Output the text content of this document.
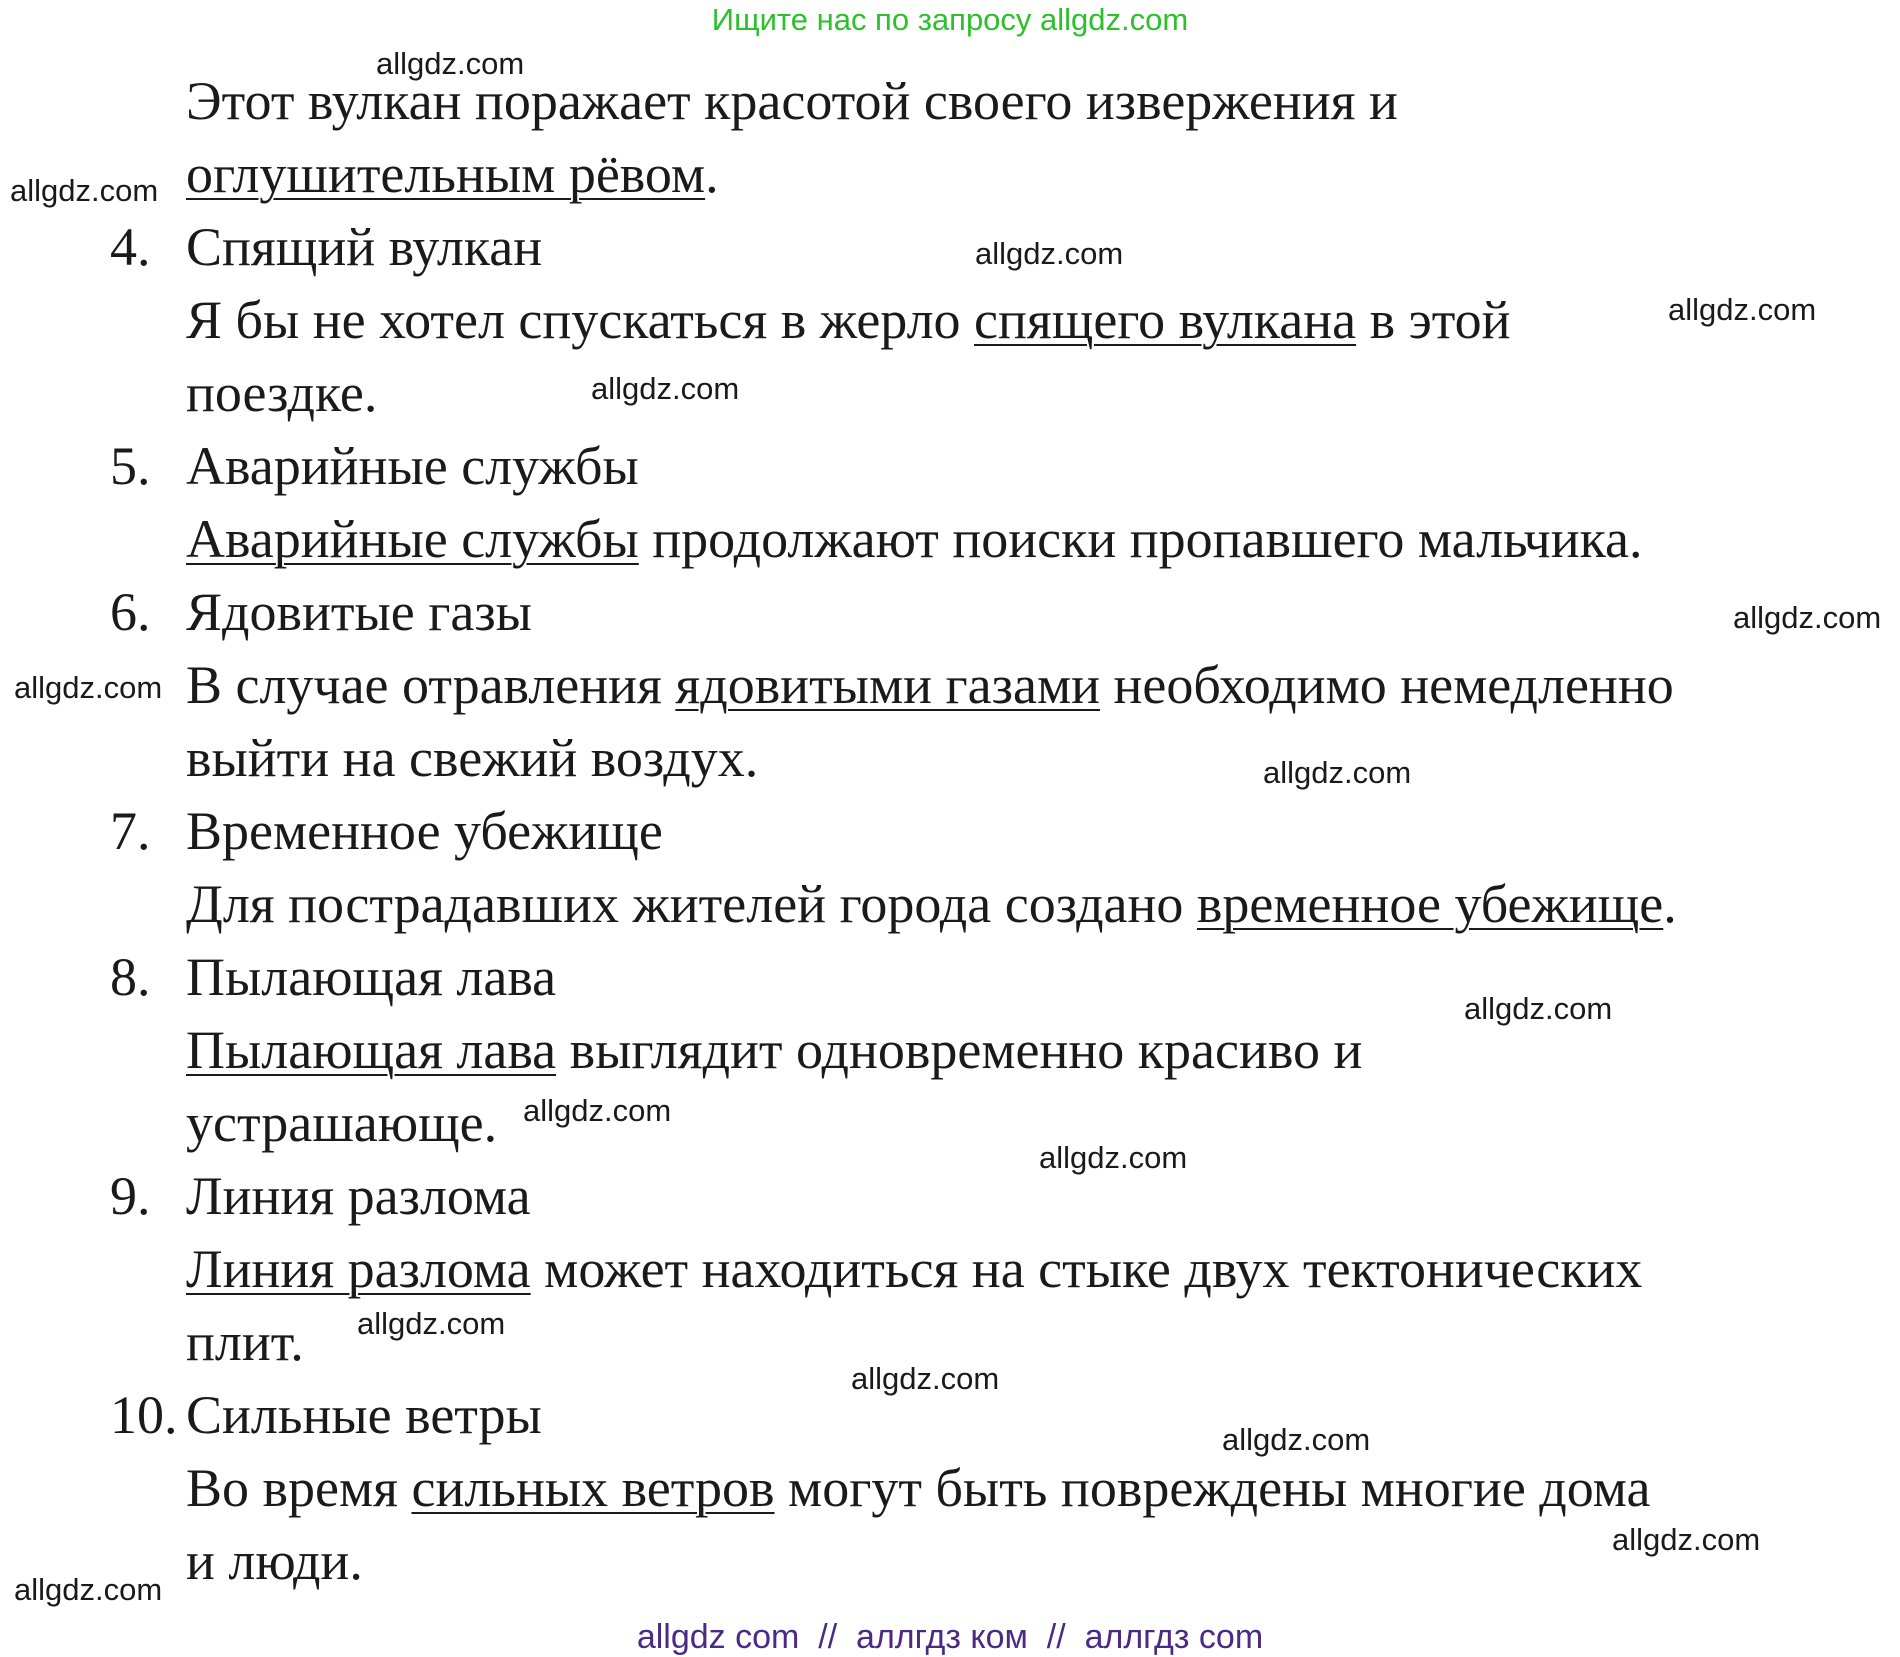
Ищите нас по запросу allgdz.com
Этот вулкан поражает красотой своего извержения и
оглушительным рёвом.
4. Спящий вулкан
Я бы не хотел спускаться в жерло спящего вулкана в этой
поездке.
5. Аварийные службы
Аварийные службы продолжают поиски пропавшего мальчика.
6. Ядовитые газы
В случае отравления ядовитыми газами необходимо немедленно
выйти на свежий воздух.
7. Временное убежище
Для пострадавших жителей города создано временное убежище.
8. Пылающая лава
Пылающая лава выглядит одновременно красиво и
устрашающе.
9. Линия разлома
Линия разлома может находиться на стыке двух тектонических
плит.
10. Сильные ветры
Во время сильных ветров могут быть повреждены многие дома
и люди.
allgdz.com
allgdz.com
allgdz.com
allgdz.com
allgdz.com
allgdz.com
allgdz.com
allgdz.com
allgdz.com
allgdz.com
allgdz.com
allgdz.com
allgdz.com
allgdz.com
allgdz.com
allgdz.com
allgdz com  //  аллгдз ком  //  аллгдз com
